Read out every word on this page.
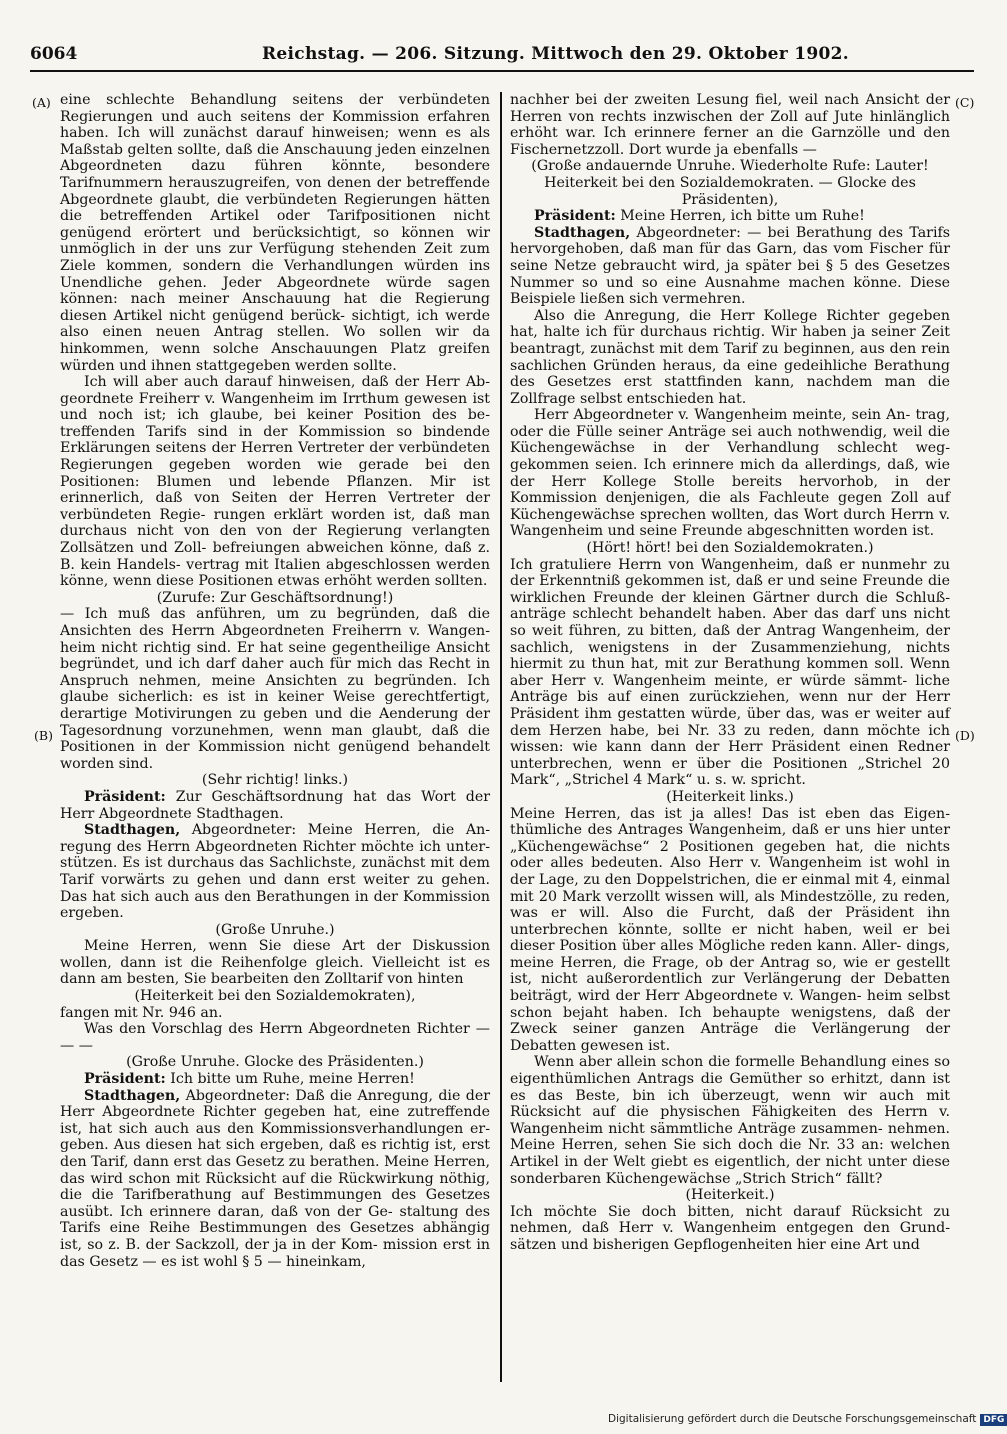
6064	Reichstag. — 206. Sitzung. Mittwoch den 29. Oktober 1902.
(A)
(B)
(C)
(D)

eine schlechte Behandlung seitens der verbündeten Regierungen und auch seitens der Kommission erfahren haben. Ich will zunächst darauf hinweisen; wenn es als Maßstab gelten sollte, daß die Anschauung jeden einzelnen Abgeordneten dazu führen könnte, besondere Tarifnummern herauszugreifen, von denen der betreffende Abgeordnete glaubt, die verbündeten Regierungen hätten die betreffenden Artikel oder Tarifpositionen nicht genügend erörtert und berücksichtigt, so können wir unmöglich in der uns zur Verfügung stehenden Zeit zum Ziele kommen, sondern die Verhandlungen würden ins Unendliche gehen. Jeder Abgeordnete würde sagen können: nach meiner Anschauung hat die Regierung diesen Artikel nicht genügend berück- sichtigt, ich werde also einen neuen Antrag stellen. Wo sollen wir da hinkommen, wenn solche Anschauungen Platz greifen würden und ihnen stattgegeben werden sollte.

Ich will aber auch darauf hinweisen, daß der Herr Ab- geordnete Freiherr v. Wangenheim im Irrthum gewesen ist und noch ist; ich glaube, bei keiner Position des be- treffenden Tarifs sind in der Kommission so bindende Erklärungen seitens der Herren Vertreter der verbündeten Regierungen gegeben worden wie gerade bei den Positionen: Blumen und lebende Pflanzen. Mir ist erinnerlich, daß von Seiten der Herren Vertreter der verbündeten Regie- rungen erklärt worden ist, daß man durchaus nicht von den von der Regierung verlangten Zollsätzen und Zoll- befreiungen abweichen könne, daß z. B. kein Handels- vertrag mit Italien abgeschlossen werden könne, wenn diese Positionen etwas erhöht werden sollten.

(Zurufe: Zur Geschäftsordnung!)

— Ich muß das anführen, um zu begründen, daß die Ansichten des Herrn Abgeordneten Freiherrn v. Wangen- heim nicht richtig sind. Er hat seine gegentheilige Ansicht begründet, und ich darf daher auch für mich das Recht in Anspruch nehmen, meine Ansichten zu begründen. Ich glaube sicherlich: es ist in keiner Weise gerechtfertigt, derartige Motivirungen zu geben und die Aenderung der Tagesordnung vorzunehmen, wenn man glaubt, daß die Positionen in der Kommission nicht genügend behandelt worden sind.

(Sehr richtig! links.)

Präsident: Zur Geschäftsordnung hat das Wort der Herr Abgeordnete Stadthagen.

Stadthagen, Abgeordneter: Meine Herren, die An- regung des Herrn Abgeordneten Richter möchte ich unter- stützen. Es ist durchaus das Sachlichste, zunächst mit dem Tarif vorwärts zu gehen und dann erst weiter zu gehen. Das hat sich auch aus den Berathungen in der Kommission ergeben.

(Große Unruhe.)

Meine Herren, wenn Sie diese Art der Diskussion wollen, dann ist die Reihenfolge gleich. Vielleicht ist es dann am besten, Sie bearbeiten den Zolltarif von hinten

(Heiterkeit bei den Sozialdemokraten),

fangen mit Nr. 946 an.

Was den Vorschlag des Herrn Abgeordneten Richter — — —

(Große Unruhe. Glocke des Präsidenten.)

Präsident: Ich bitte um Ruhe, meine Herren!

Stadthagen, Abgeordneter: Daß die Anregung, die der Herr Abgeordnete Richter gegeben hat, eine zutreffende ist, hat sich auch aus den Kommissionsverhandlungen er- geben. Aus diesen hat sich ergeben, daß es richtig ist, erst den Tarif, dann erst das Gesetz zu berathen. Meine Herren, das wird schon mit Rücksicht auf die Rückwirkung nöthig, die die Tarifberathung auf Bestimmungen des Gesetzes ausübt. Ich erinnere daran, daß von der Ge- staltung des Tarifs eine Reihe Bestimmungen des Gesetzes abhängig ist, so z. B. der Sackzoll, der ja in der Kom- mission erst in das Gesetz — es ist wohl § 5 — hineinkam,

nachher bei der zweiten Lesung fiel, weil nach Ansicht der Herren von rechts inzwischen der Zoll auf Jute hinlänglich erhöht war. Ich erinnere ferner an die Garnzölle und den Fischernetzzoll. Dort wurde ja ebenfalls —

(Große andauernde Unruhe. Wiederholte Rufe: Lauter! Heiterkeit bei den Sozialdemokraten. — Glocke des Präsidenten),

Präsident: Meine Herren, ich bitte um Ruhe!

Stadthagen, Abgeordneter: — bei Berathung des Tarifs hervorgehoben, daß man für das Garn, das vom Fischer für seine Netze gebraucht wird, ja später bei § 5 des Gesetzes Nummer so und so eine Ausnahme machen könne. Diese Beispiele ließen sich vermehren.

Also die Anregung, die Herr Kollege Richter gegeben hat, halte ich für durchaus richtig. Wir haben ja seiner Zeit beantragt, zunächst mit dem Tarif zu beginnen, aus den rein sachlichen Gründen heraus, da eine gedeihliche Berathung des Gesetzes erst stattfinden kann, nachdem man die Zollfrage selbst entschieden hat.

Herr Abgeordneter v. Wangenheim meinte, sein An- trag, oder die Fülle seiner Anträge sei auch nothwendig, weil die Küchengewächse in der Verhandlung schlecht weg- gekommen seien. Ich erinnere mich da allerdings, daß, wie der Herr Kollege Stolle bereits hervorhob, in der Kommission denjenigen, die als Fachleute gegen Zoll auf Küchengewächse sprechen wollten, das Wort durch Herrn v. Wangenheim und seine Freunde abgeschnitten worden ist.

(Hört! hört! bei den Sozialdemokraten.)

Ich gratuliere Herrn von Wangenheim, daß er nunmehr zu der Erkenntniß gekommen ist, daß er und seine Freunde die wirklichen Freunde der kleinen Gärtner durch die Schluß- anträge schlecht behandelt haben. Aber das darf uns nicht so weit führen, zu bitten, daß der Antrag Wangenheim, der sachlich, wenigstens in der Zusammenziehung, nichts hiermit zu thun hat, mit zur Berathung kommen soll. Wenn aber Herr v. Wangenheim meinte, er würde sämmt- liche Anträge bis auf einen zurückziehen, wenn nur der Herr Präsident ihm gestatten würde, über das, was er weiter auf dem Herzen habe, bei Nr. 33 zu reden, dann möchte ich wissen: wie kann dann der Herr Präsident einen Redner unterbrechen, wenn er über die Positionen „Strichel 20 Mark“, „Strichel 4 Mark“ u. s. w. spricht.

(Heiterkeit links.)

Meine Herren, das ist ja alles! Das ist eben das Eigen- thümliche des Antrages Wangenheim, daß er uns hier unter „Küchengewächse“ 2 Positionen gegeben hat, die nichts oder alles bedeuten. Also Herr v. Wangenheim ist wohl in der Lage, zu den Doppelstrichen, die er einmal mit 4, einmal mit 20 Mark verzollt wissen will, als Mindestzölle, zu reden, was er will. Also die Furcht, daß der Präsident ihn unterbrechen könnte, sollte er nicht haben, weil er bei dieser Position über alles Mögliche reden kann. Aller- dings, meine Herren, die Frage, ob der Antrag so, wie er gestellt ist, nicht außerordentlich zur Verlängerung der Debatten beiträgt, wird der Herr Abgeordnete v. Wangen- heim selbst schon bejaht haben. Ich behaupte wenigstens, daß der Zweck seiner ganzen Anträge die Verlängerung der Debatten gewesen ist.

Wenn aber allein schon die formelle Behandlung eines so eigenthümlichen Antrags die Gemüther so erhitzt, dann ist es das Beste, bin ich überzeugt, wenn wir auch mit Rücksicht auf die physischen Fähigkeiten des Herrn v. Wangenheim nicht sämmtliche Anträge zusammen- nehmen. Meine Herren, sehen Sie sich doch die Nr. 33 an: welchen Artikel in der Welt giebt es eigentlich, der nicht unter diese sonderbaren Küchengewächse „Strich Strich“ fällt?

(Heiterkeit.)

Ich möchte Sie doch bitten, nicht darauf Rücksicht zu nehmen, daß Herr v. Wangenheim entgegen den Grund- sätzen und bisherigen Gepflogenheiten hier eine Art und

Digitalisierung gefördert durch die Deutsche Forschungsgemeinschaft DFG
